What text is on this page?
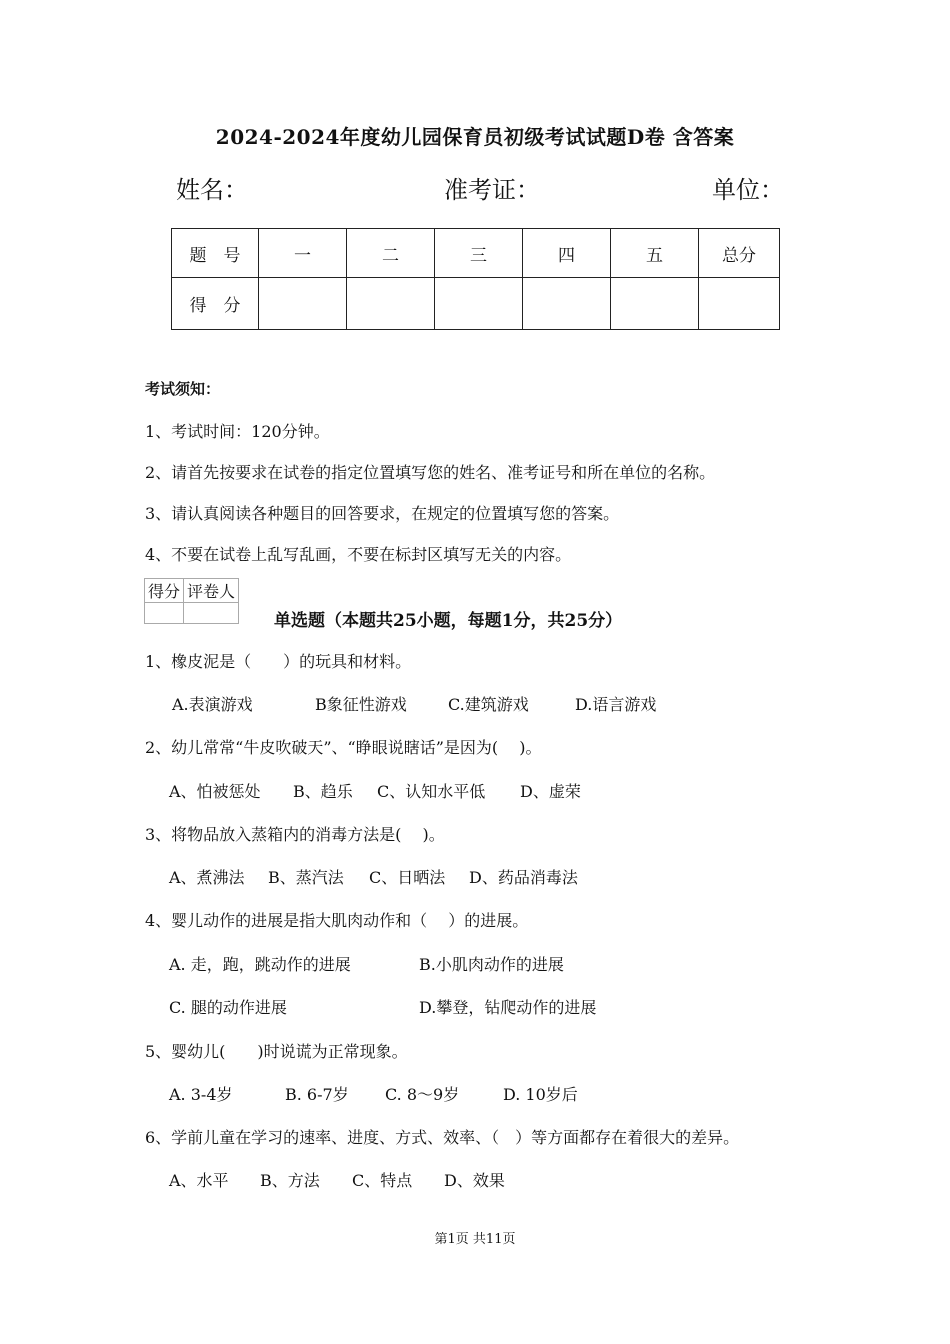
2024-2024年度幼儿园保育员初级考试试题D卷 含答案
姓名：	准考证：	单位：
题　号	一	二	三	四	五	总分
得　分						
考试须知：
1、考试时间：120分钟。
2、请首先按要求在试卷的指定位置填写您的姓名、准考证号和所在单位的名称。
3、请认真阅读各种题目的回答要求，在规定的位置填写您的答案。
4、不要在试卷上乱写乱画，不要在标封区填写无关的内容。
得分	评卷人

单选题（本题共25小题，每题1分，共25分）
1、橡皮泥是（　　）的玩具和材料。
A.表演游戏	B象征性游戏	C.建筑游戏	D.语言游戏
2、幼儿常常“牛皮吹破天”、“睁眼说瞎话”是因为(　 )。
A、怕被惩处 B、趋乐 C、认知水平低 D、虚荣
3、将物品放入蒸箱内的消毒方法是(　 )。
A、煮沸法 B、蒸汽法 C、日晒法 D、药品消毒法
4、婴儿动作的进展是指大肌肉动作和（　 ）的进展。
A. 走，跑，跳动作的进展	B.小肌肉动作的进展
C. 腿的动作进展	D.攀登，钻爬动作的进展
5、婴幼儿(　　)时说谎为正常现象。
A. 3-4岁	B. 6-7岁 C. 8～9岁	D. 10岁后
6、学前儿童在学习的速率、进度、方式、效率、（　）等方面都存在着很大的差异。
A、水平 B、方法 C、特点 D、效果
第1页 共11页
